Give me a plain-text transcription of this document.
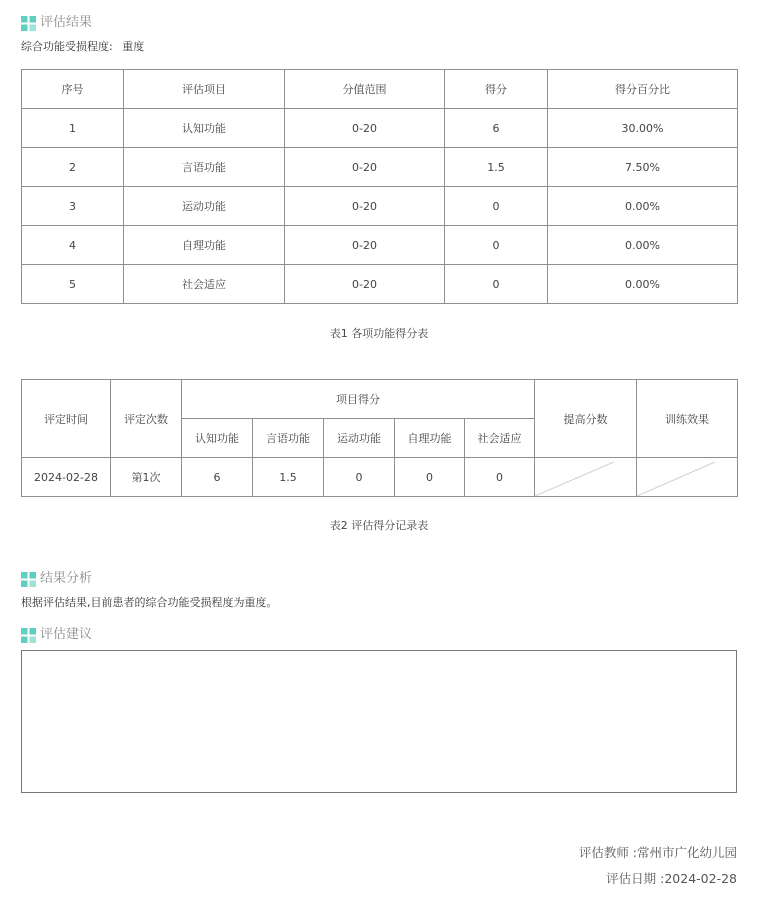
评估结果
综合功能受损程度: 重度
序号	评估项目	分值范围	得分	得分百分比
1	认知功能	0-20	6	30.00%
2	言语功能	0-20	1.5	7.50%
3	运动功能	0-20	0	0.00%
4	自理功能	0-20	0	0.00%
5	社会适应	0-20	0	0.00%
表1 各项功能得分表
评定时间	评定次数	项目得分					提高分数	训练效果
		认知功能	言语功能	运动功能	自理功能	社会适应		
2024-02-28	第1次	6	1.5	0	0	0	

表2 评估得分记录表
结果分析
根据评估结果,目前患者的综合功能受损程度为重度。
评估建议
评估教师 :常州市广化幼儿园
评估日期 :2024-02-28
